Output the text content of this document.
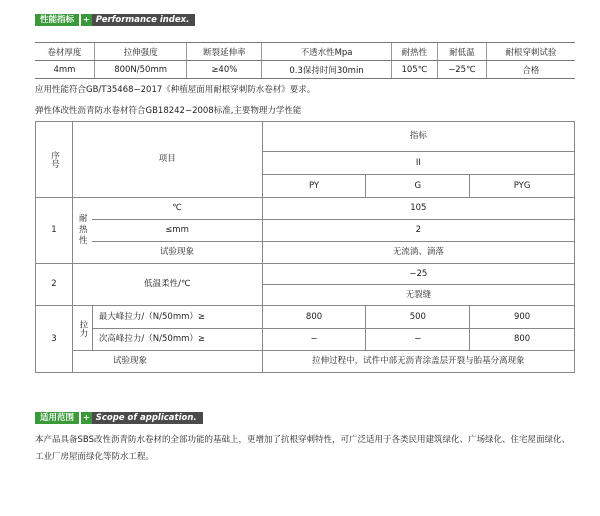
性能指标	+ Performance index.
卷材厚度	拉伸强度	断裂延伸率	不透水性Mpa	耐热性	耐低温	耐根穿刺试验
4mm	800N/50mm	≥40%	0.3保持时间30min	105℃	−25℃	合格
应用性能符合GB/T35468−2017《种植屋面用耐根穿刺防水卷材》要求。
弹性体改性沥青防水卷材符合GB18242−2008标准,主要物理力学性能
序号	项目		指标		
			II		
			PY	G	PYG
1	耐热性	℃	105		
		≤mm	2		
		试验现象	无流淌、滴落		
2	低温柔性/℃		−25		
			无裂缝		
3	拉力	最大峰拉力/（N/50mm）≥	800	500	900
		次高峰拉力/（N/50mm）≥	−	−	800
	试验现象		拉伸过程中，试件中部无沥青涂盖层开裂与胎基分离现象		
适用范围	+ Scope of application.
本产品具备SBS改性沥青防水卷材的全部功能的基础上，更增加了抗根穿刺特性，可广泛适用于各类民用建筑绿化、广场绿化、住宅屋面绿化、工业厂房屋面绿化等防水工程。
